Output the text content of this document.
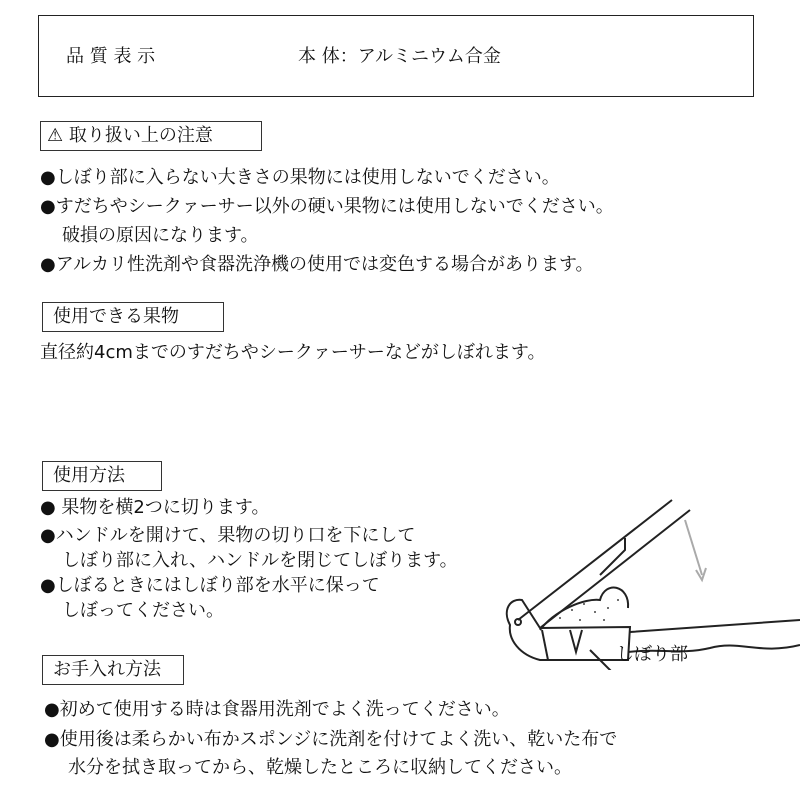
品 質 表 示	本 体：アルミニウム合金
⚠ 取り扱い上の注意
●しぼり部に入らない大きさの果物には使用しないでください。
●すだちやシークァーサー以外の硬い果物には使用しないでください。
破損の原因になります。
●アルカリ性洗剤や食器洗浄機の使用では変色する場合があります。
使用できる果物
直径約4cmまでのすだちやシークァーサーなどがしぼれます。
使用方法
● 果物を横2つに切ります。
●ハンドルを開けて、果物の切り口を下にして
しぼり部に入れ、ハンドルを閉じてしぼります。
●しぼるときにはしぼり部を水平に保って
しぼってください。
しぼり部
お手入れ方法
●初めて使用する時は食器用洗剤でよく洗ってください。
●使用後は柔らかい布かスポンジに洗剤を付けてよく洗い、乾いた布で
水分を拭き取ってから、乾燥したところに収納してください。
